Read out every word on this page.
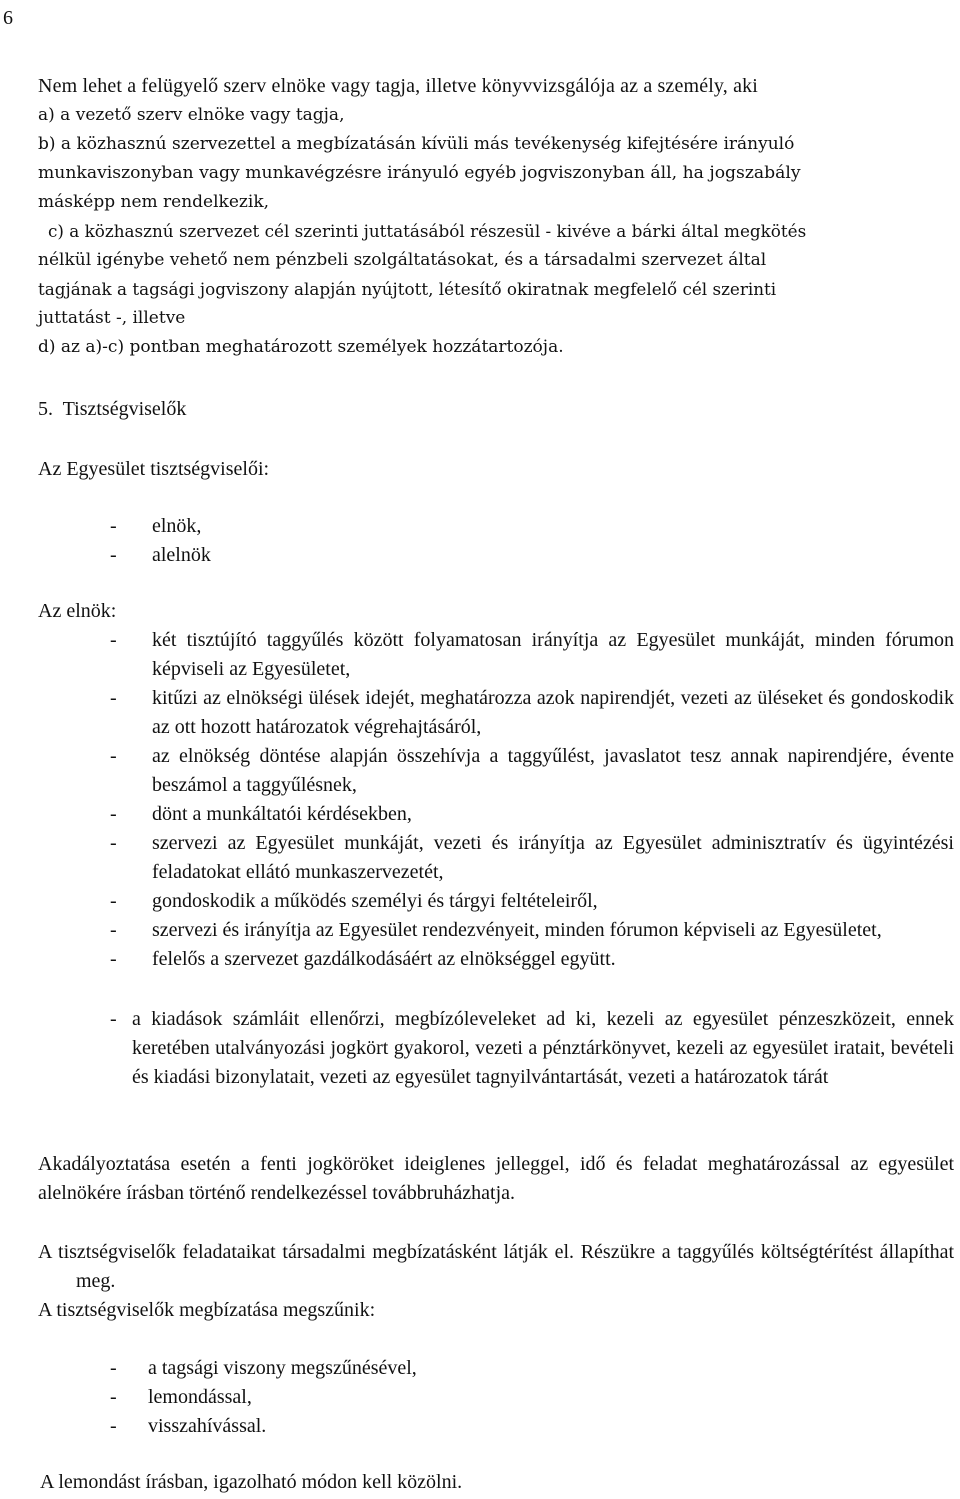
6
Nem lehet a felügyelő szerv elnöke vagy tagja, illetve könyvvizsgálója az a személy, aki
a) a vezető szerv elnöke vagy tagja,
b) a közhasznú szervezettel a megbízatásán kívüli más tevékenység kifejtésére irányuló
munkaviszonyban vagy munkavégzésre irányuló egyéb jogviszonyban áll, ha jogszabály
másképp nem rendelkezik,
c) a közhasznú szervezet cél szerinti juttatásából részesül - kivéve a bárki által megkötés
nélkül igénybe vehető nem pénzbeli szolgáltatásokat, és a társadalmi szervezet által
tagjának a tagsági jogviszony alapján nyújtott, létesítő okiratnak megfelelő cél szerinti
juttatást -, illetve
d) az a)-c) pontban meghatározott személyek hozzátartozója.
5. Tisztségviselők
Az Egyesület tisztségviselői:
- elnök,
- alelnök
Az elnök:
- két tisztújító taggyűlés között folyamatosan irányítja az Egyesület munkáját, minden fórumon képviseli az Egyesületet,
- kitűzi az elnökségi ülések idejét, meghatározza azok napirendjét, vezeti az üléseket és gondoskodik az ott hozott határozatok végrehajtásáról,
- az elnökség döntése alapján összehívja a taggyűlést, javaslatot tesz annak napirendjére, évente beszámol a taggyűlésnek,
- dönt a munkáltatói kérdésekben,
- szervezi az Egyesület munkáját, vezeti és irányítja az Egyesület adminisztratív és ügyintézési feladatokat ellátó munkaszervezetét,
- gondoskodik a működés személyi és tárgyi feltételeiről,
- szervezi és irányítja az Egyesület rendezvényeit, minden fórumon képviseli az Egyesületet,
- felelős a szervezet gazdálkodásáért az elnökséggel együtt.
- a kiadások számláit ellenőrzi, megbízóleveleket ad ki, kezeli az egyesület pénzeszközeit, ennek keretében utalványozási jogkört gyakorol, vezeti a pénztárkönyvet, kezeli az egyesület iratait, bevételi és kiadási bizonylatait, vezeti az egyesület tagnyilvántartását, vezeti a határozatok tárát
Akadályoztatása esetén a fenti jogköröket ideiglenes jelleggel, idő és feladat meghatározással az egyesület alelnökére írásban történő rendelkezéssel továbbruházhatja.
A tisztségviselők feladataikat társadalmi megbízatásként látják el. Részükre a taggyűlés költségtérítést állapíthat meg.
A tisztségviselők megbízatása megszűnik:
- a tagsági viszony megszűnésével,
- lemondással,
- visszahívással.
A lemondást írásban, igazolható módon kell közölni.
